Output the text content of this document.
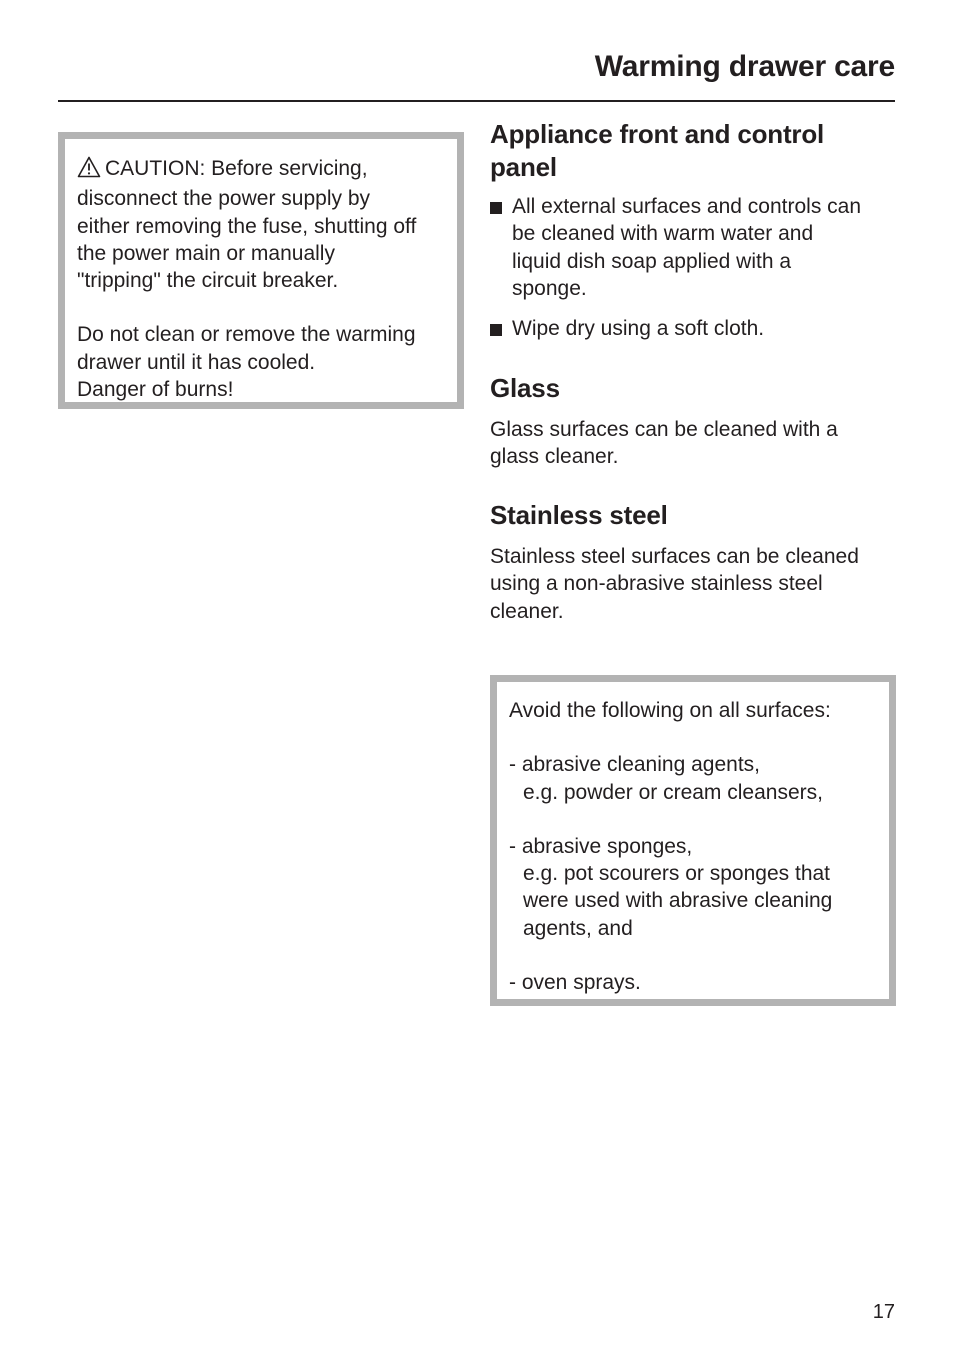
Warming drawer care

CAUTION: Before servicing,
disconnect the power supply by
either removing the fuse, shutting off
the power main or manually
"tripping" the circuit breaker.

Do not clean or remove the warming
drawer until it has cooled.
Danger of burns!

Appliance front and control
panel
All external surfaces and controls can
be cleaned with warm water and
liquid dish soap applied with a
sponge.
Wipe dry using a soft cloth.
Glass

Glass surfaces can be cleaned with a
glass cleaner.

Stainless steel

Stainless steel surfaces can be cleaned
using a non-abrasive stainless steel
cleaner.

Avoid the following on all surfaces:

- abrasive cleaning agents,
e.g. powder or cream cleansers,

- abrasive sponges,
e.g. pot scourers or sponges that
were used with abrasive cleaning
agents, and

- oven sprays.

17
